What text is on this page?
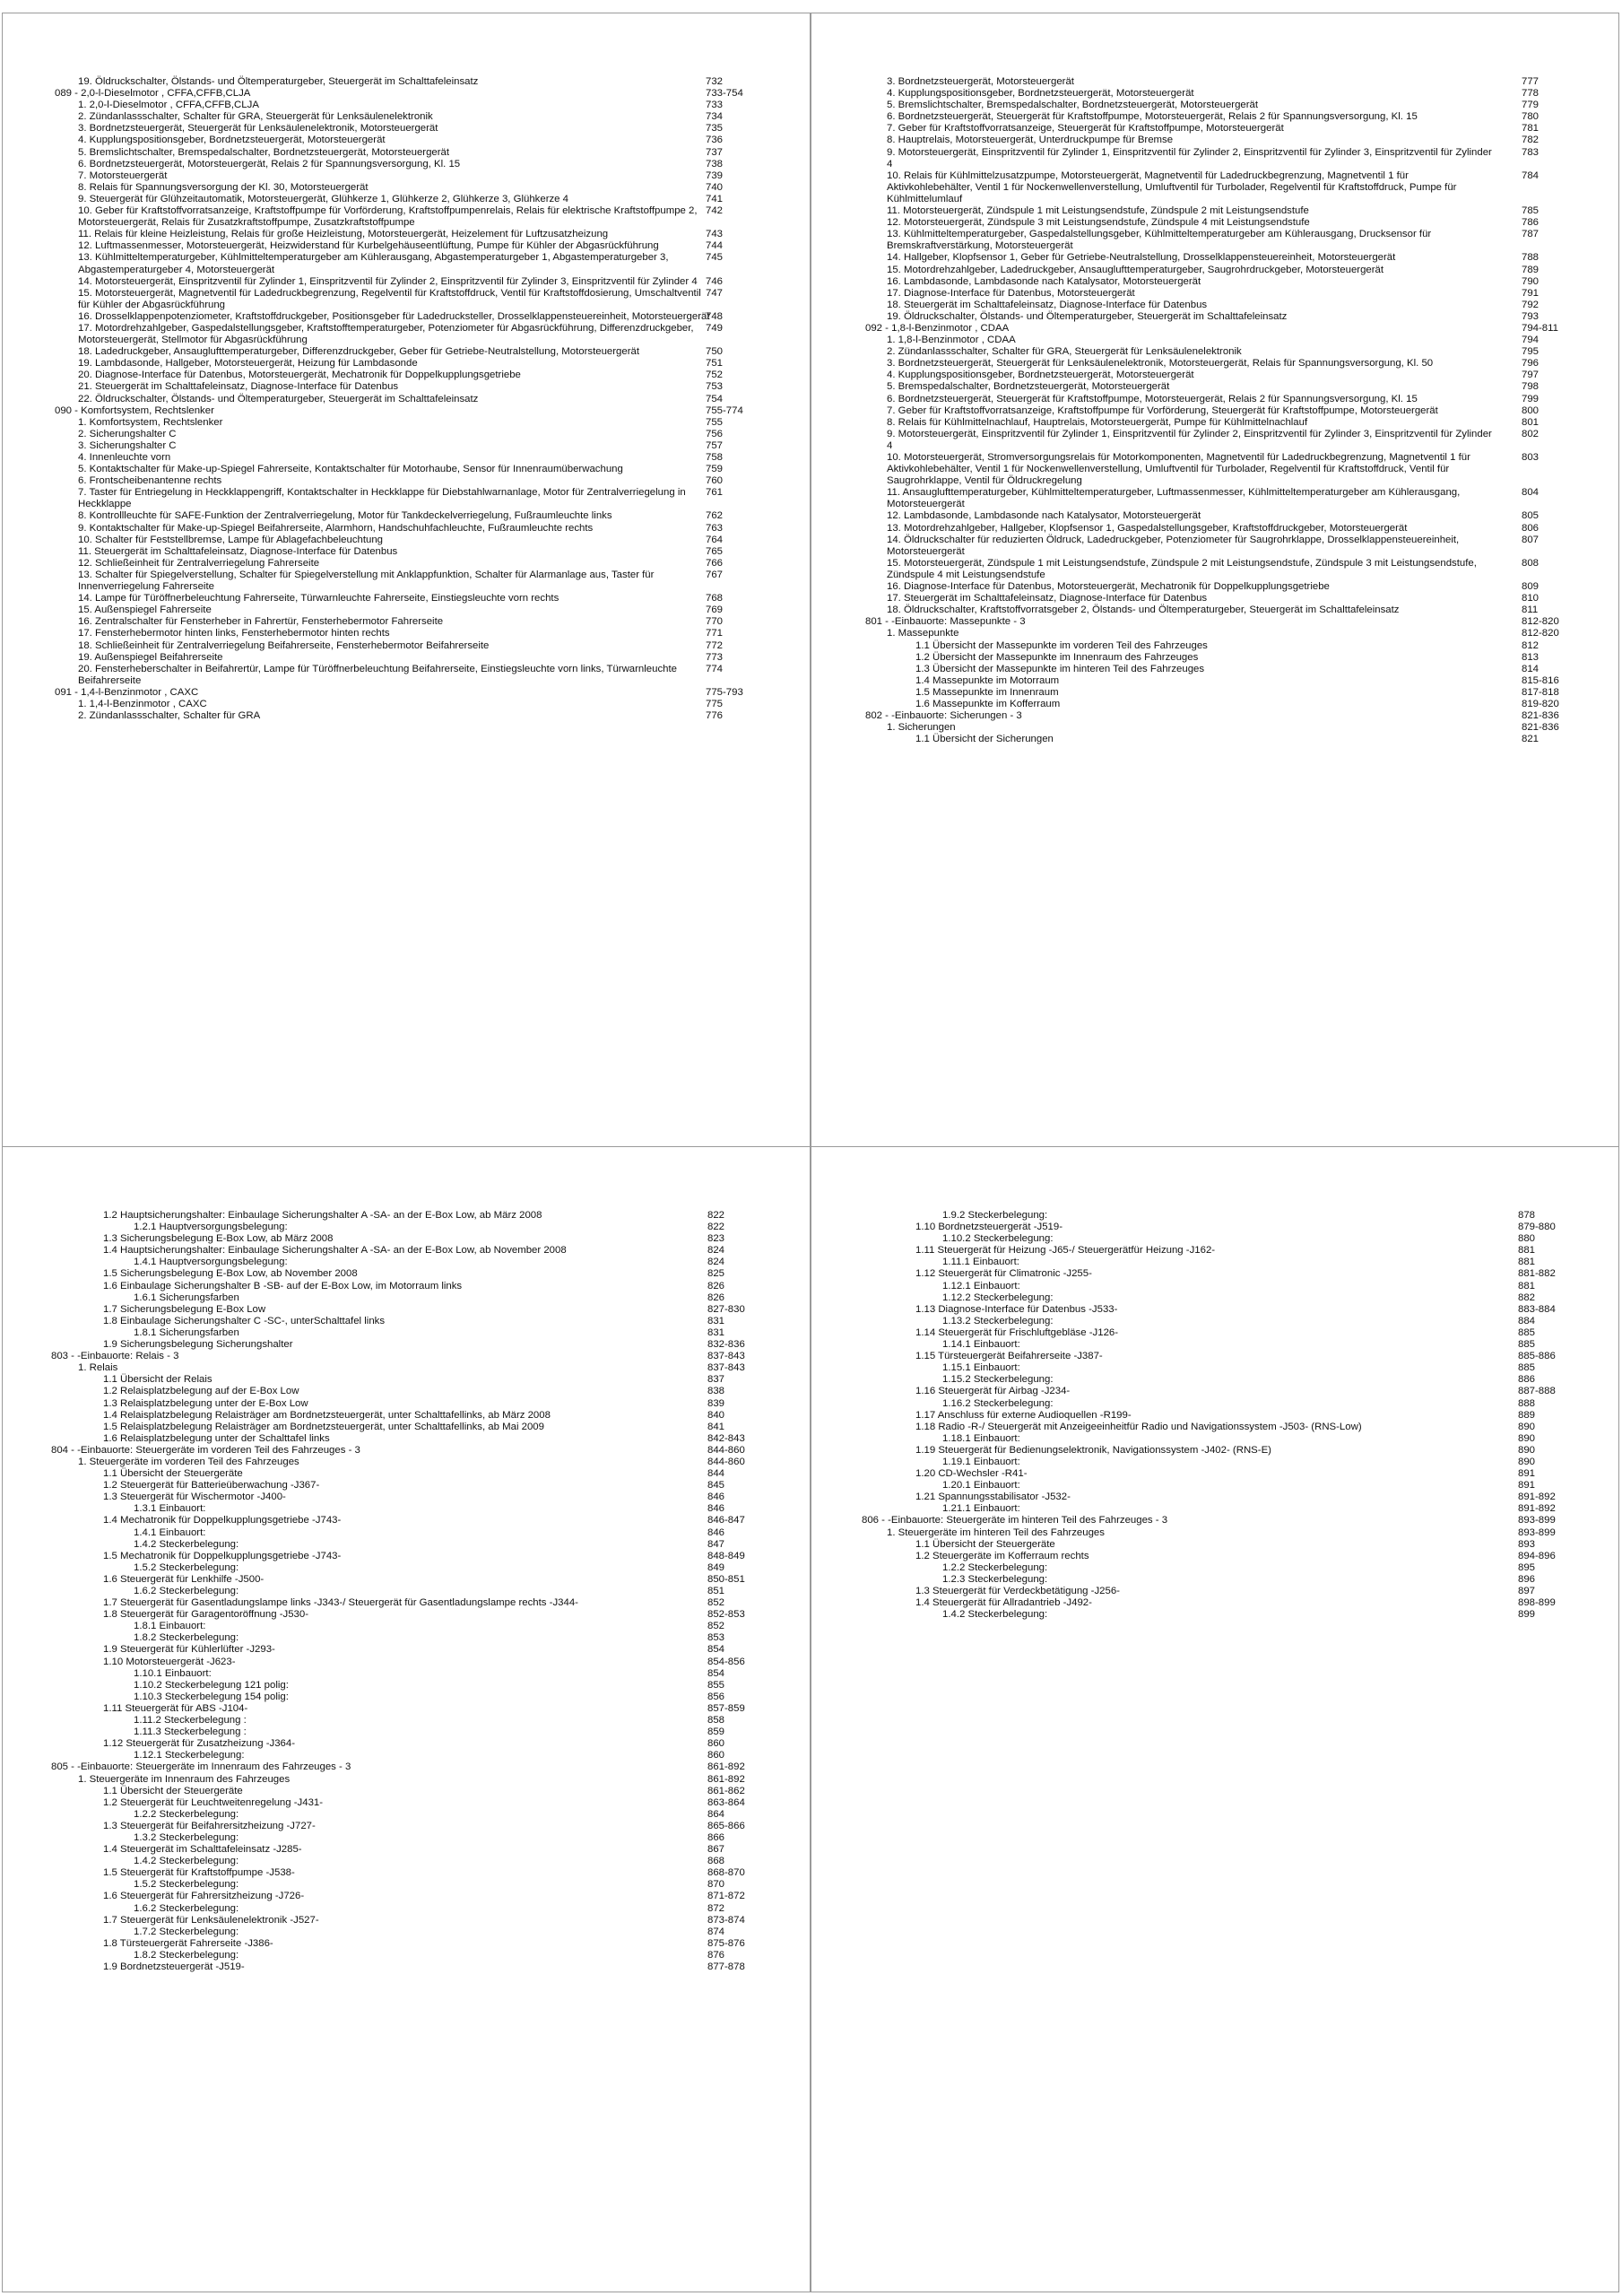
19. Öldruckschalter, Ölstands- und Öltemperaturgeber, Steuergerät im Schalttafeleinsatz	732
089 - 2,0-l-Dieselmotor , CFFA,CFFB,CLJA	733-754
1. 2,0-l-Dieselmotor , CFFA,CFFB,CLJA	733
2. Zündanlassschalter, Schalter für GRA, Steuergerät für Lenksäulenelektronik	734
3. Bordnetzsteuergerät, Steuergerät für Lenksäulenelektronik, Motorsteuergerät	735
4. Kupplungspositionsgeber, Bordnetzsteuergerät, Motorsteuergerät	736
5. Bremslichtschalter, Bremspedalschalter, Bordnetzsteuergerät, Motorsteuergerät	737
6. Bordnetzsteuergerät, Motorsteuergerät, Relais 2 für Spannungsversorgung, Kl. 15	738
7. Motorsteuergerät	739
8. Relais für Spannungsversorgung der Kl. 30, Motorsteuergerät	740
9. Steuergerät für Glühzeitautomatik, Motorsteuergerät, Glühkerze 1, Glühkerze 2, Glühkerze 3, Glühkerze 4	741
10. Geber für Kraftstoffvorratsanzeige, Kraftstoffpumpe für Vorförderung, Kraftstoffpumpenrelais, Relais für elektrische Kraftstoffpumpe 2, Motorsteuergerät, Relais für Zusatzkraftstoffpumpe, Zusatzkraftstoffpumpe
742
11. Relais für kleine Heizleistung, Relais für große Heizleistung, Motorsteuergerät, Heizelement für Luftzusatzheizung	743
12. Luftmassenmesser, Motorsteuergerät, Heizwiderstand für Kurbelgehäuseentlüftung, Pumpe für Kühler der Abgasrückführung	744
13. Kühlmitteltemperaturgeber, Kühlmitteltemperaturgeber am Kühlerausgang, Abgastemperaturgeber 1, Abgastemperaturgeber 3, Abgastemperaturgeber 4, Motorsteuergerät
745
14. Motorsteuergerät, Einspritzventil für Zylinder 1, Einspritzventil für Zylinder 2, Einspritzventil für Zylinder 3, Einspritzventil für Zylinder 4 746
15. Motorsteuergerät, Magnetventil für Ladedruckbegrenzung, Regelventil für Kraftstoffdruck, Ventil für Kraftstoffdosierung, Umschaltventil für Kühler der Abgasrückführung
747
16. Drosselklappenpotenziometer, Kraftstoffdruckgeber, Positionsgeber für Ladedrucksteller, Drosselklappensteuereinheit, Motorsteuergerät
748
17. Motordrehzahlgeber, Gaspedalstellungsgeber, Kraftstofftemperaturgeber, Potenziometer für Abgasrückführung, Differenzdruckgeber, Motorsteuergerät, Stellmotor für Abgasrückführung
749
18. Ladedruckgeber, Ansauglufttemperaturgeber, Differenzdruckgeber, Geber für Getriebe-Neutralstellung, Motorsteuergerät	750
19. Lambdasonde, Hallgeber, Motorsteuergerät, Heizung für Lambdasonde	751
20. Diagnose-Interface für Datenbus, Motorsteuergerät, Mechatronik für Doppelkupplungsgetriebe	752
21. Steuergerät im Schalttafeleinsatz, Diagnose-Interface für Datenbus	753
22. Öldruckschalter, Ölstands- und Öltemperaturgeber, Steuergerät im Schalttafeleinsatz	754
090 - Komfortsystem, Rechtslenker	755-774
1. Komfortsystem, Rechtslenker	755
2. Sicherungshalter C	756
3. Sicherungshalter C	757
4. Innenleuchte vorn	758
5. Kontaktschalter für Make-up-Spiegel Fahrerseite, Kontaktschalter für Motorhaube, Sensor für Innenraumüberwachung	759
6. Frontscheibenantenne rechts	760
7. Taster für Entriegelung in Heckklappengriff, Kontaktschalter in Heckklappe für Diebstahlwarnanlage, Motor für Zentralverriegelung in Heckklappe
761
8. Kontrollleuchte für SAFE-Funktion der Zentralverriegelung, Motor für Tankdeckelverriegelung, Fußraumleuchte links	762
9. Kontaktschalter für Make-up-Spiegel Beifahrerseite, Alarmhorn, Handschuhfachleuchte, Fußraumleuchte rechts	763
10. Schalter für Feststellbremse, Lampe für Ablagefachbeleuchtung	764
11. Steuergerät im Schalttafeleinsatz, Diagnose-Interface für Datenbus	765
12. Schließeinheit für Zentralverriegelung Fahrerseite	766
13. Schalter für Spiegelverstellung, Schalter für Spiegelverstellung mit Anklappfunktion, Schalter für Alarmanlage aus, Taster für Innenverriegelung Fahrerseite
767
14. Lampe für Türöffnerbeleuchtung Fahrerseite, Türwarnleuchte Fahrerseite, Einstiegsleuchte vorn rechts	768
15. Außenspiegel Fahrerseite	769
16. Zentralschalter für Fensterheber in Fahrertür, Fensterhebermotor Fahrerseite	770
17. Fensterhebermotor hinten links, Fensterhebermotor hinten rechts	771
18. Schließeinheit für Zentralverriegelung Beifahrerseite, Fensterhebermotor Beifahrerseite	772
19. Außenspiegel Beifahrerseite	773
20. Fensterheberschalter in Beifahrertür, Lampe für Türöffnerbeleuchtung Beifahrerseite, Einstiegsleuchte vorn links, Türwarnleuchte Beifahrerseite
774
091 - 1,4-l-Benzinmotor , CAXC	775-793
1. 1,4-l-Benzinmotor , CAXC	775
2. Zündanlassschalter, Schalter für GRA	776
3. Bordnetzsteuergerät, Motorsteuergerät	777
4. Kupplungspositionsgeber, Bordnetzsteuergerät, Motorsteuergerät	778
5. Bremslichtschalter, Bremspedalschalter, Bordnetzsteuergerät, Motorsteuergerät	779
6. Bordnetzsteuergerät, Steuergerät für Kraftstoffpumpe, Motorsteuergerät, Relais 2 für Spannungsversorgung, Kl. 15	780
7. Geber für Kraftstoffvorratsanzeige, Steuergerät für Kraftstoffpumpe, Motorsteuergerät	781
8. Hauptrelais, Motorsteuergerät, Unterdruckpumpe für Bremse	782
9. Motorsteuergerät, Einspritzventil für Zylinder 1, Einspritzventil für Zylinder 2, Einspritzventil für Zylinder 3, Einspritzventil für Zylinder 4
783
10. Relais für Kühlmittelzusatzpumpe, Motorsteuergerät, Magnetventil für Ladedruckbegrenzung, Magnetventil 1 für Aktivkohlebehälter, Ventil 1 für Nockenwellenverstellung, Umluftventil für Turbolader, Regelventil für Kraftstoffdruck, Pumpe für Kühlmittelumlauf
784
11. Motorsteuergerät, Zündspule 1 mit Leistungsendstufe, Zündspule 2 mit Leistungsendstufe	785
12. Motorsteuergerät, Zündspule 3 mit Leistungsendstufe, Zündspule 4 mit Leistungsendstufe	786
13. Kühlmitteltemperaturgeber, Gaspedalstellungsgeber, Kühlmitteltemperaturgeber am Kühlerausgang, Drucksensor für Bremskraftverstärkung, Motorsteuergerät
787
14. Hallgeber, Klopfsensor 1, Geber für Getriebe-Neutralstellung, Drosselklappensteuereinheit, Motorsteuergerät	788
15. Motordrehzahlgeber, Ladedruckgeber, Ansauglufttemperaturgeber, Saugrohrdruckgeber, Motorsteuergerät	789
16. Lambdasonde, Lambdasonde nach Katalysator, Motorsteuergerät	790
17. Diagnose-Interface für Datenbus, Motorsteuergerät	791
18. Steuergerät im Schalttafeleinsatz, Diagnose-Interface für Datenbus	792
19. Öldruckschalter, Ölstands- und Öltemperaturgeber, Steuergerät im Schalttafeleinsatz	793
092 - 1,8-l-Benzinmotor , CDAA	794-811
1. 1,8-l-Benzinmotor , CDAA	794
2. Zündanlassschalter, Schalter für GRA, Steuergerät für Lenksäulenelektronik	795
3. Bordnetzsteuergerät, Steuergerät für Lenksäulenelektronik, Motorsteuergerät, Relais für Spannungsversorgung, Kl. 50	796
4. Kupplungspositionsgeber, Bordnetzsteuergerät, Motorsteuergerät	797
5. Bremspedalschalter, Bordnetzsteuergerät, Motorsteuergerät	798
6. Bordnetzsteuergerät, Steuergerät für Kraftstoffpumpe, Motorsteuergerät, Relais 2 für Spannungsversorgung, Kl. 15	799
7. Geber für Kraftstoffvorratsanzeige, Kraftstoffpumpe für Vorförderung, Steuergerät für Kraftstoffpumpe, Motorsteuergerät	800
8. Relais für Kühlmittelnachlauf, Hauptrelais, Motorsteuergerät, Pumpe für Kühlmittelnachlauf	801
9. Motorsteuergerät, Einspritzventil für Zylinder 1, Einspritzventil für Zylinder 2, Einspritzventil für Zylinder 3, Einspritzventil für Zylinder 4
802
10. Motorsteuergerät, Stromversorgungsrelais für Motorkomponenten, Magnetventil für Ladedruckbegrenzung, Magnetventil 1 für Aktivkohlebehälter, Ventil 1 für Nockenwellenverstellung, Umluftventil für Turbolader, Regelventil für Kraftstoffdruck, Ventil für Saugrohrklappe, Ventil für Öldruckregelung
803
11. Ansauglufttemperaturgeber, Kühlmitteltemperaturgeber, Luftmassenmesser, Kühlmitteltemperaturgeber am Kühlerausgang, Motorsteuergerät
804
12. Lambdasonde, Lambdasonde nach Katalysator, Motorsteuergerät	805
13. Motordrehzahlgeber, Hallgeber, Klopfsensor 1, Gaspedalstellungsgeber, Kraftstoffdruckgeber, Motorsteuergerät	806
14. Öldruckschalter für reduzierten Öldruck, Ladedruckgeber, Potenziometer für Saugrohrklappe, Drosselklappensteuereinheit, Motorsteuergerät
807
15. Motorsteuergerät, Zündspule 1 mit Leistungsendstufe, Zündspule 2 mit Leistungsendstufe, Zündspule 3 mit Leistungsendstufe, Zündspule 4 mit Leistungsendstufe
808
16. Diagnose-Interface für Datenbus, Motorsteuergerät, Mechatronik für Doppelkupplungsgetriebe	809
17. Steuergerät im Schalttafeleinsatz, Diagnose-Interface für Datenbus	810
18. Öldruckschalter, Kraftstoffvorratsgeber 2, Ölstands- und Öltemperaturgeber, Steuergerät im Schalttafeleinsatz	811
801 - -Einbauorte: Massepunkte - 3	812-820
1. Massepunkte	812-820
1.1 Übersicht der Massepunkte im vorderen Teil des Fahrzeuges	812
1.2 Übersicht der Massepunkte im Innenraum des Fahrzeuges	813
1.3 Übersicht der Massepunkte im hinteren Teil des Fahrzeuges	814
1.4 Massepunkte im Motorraum	815-816
1.5 Massepunkte im Innenraum	817-818
1.6 Massepunkte im Kofferraum	819-820
802 - -Einbauorte: Sicherungen - 3	821-836
1. Sicherungen	821-836
1.1 Übersicht der Sicherungen	821
1.2 Hauptsicherungshalter: Einbaulage Sicherungshalter A -SA- an der E-Box Low, ab März 2008	822
1.2.1 Hauptversorgungsbelegung:	822
1.3 Sicherungsbelegung E-Box Low, ab März 2008	823
1.4 Hauptsicherungshalter: Einbaulage Sicherungshalter A -SA- an der E-Box Low, ab November 2008	824
1.4.1 Hauptversorgungsbelegung:	824
1.5 Sicherungsbelegung E-Box Low, ab November 2008	825
1.6 Einbaulage Sicherungshalter B -SB- auf der E-Box Low, im Motorraum links	826
1.6.1 Sicherungsfarben	826
1.7 Sicherungsbelegung E-Box Low	827-830
1.8 Einbaulage Sicherungshalter C -SC-, unterSchalttafel links	831
1.8.1 Sicherungsfarben	831
1.9 Sicherungsbelegung Sicherungshalter	832-836
803 - -Einbauorte: Relais - 3	837-843
1. Relais	837-843
1.1 Übersicht der Relais	837
1.2 Relaisplatzbelegung auf der E-Box Low	838
1.3 Relaisplatzbelegung unter der E-Box Low	839
1.4 Relaisplatzbelegung Relaisträger am Bordnetzsteuergerät, unter Schalttafellinks, ab März 2008	840
1.5 Relaisplatzbelegung Relaisträger am Bordnetzsteuergerät, unter Schalttafellinks, ab Mai 2009	841
1.6 Relaisplatzbelegung unter der Schalttafel links	842-843
804 - -Einbauorte: Steuergeräte im vorderen Teil des Fahrzeuges - 3	844-860
1. Steuergeräte im vorderen Teil des Fahrzeuges	844-860
1.1 Übersicht der Steuergeräte	844
1.2 Steuergerät für Batterieüberwachung -J367-	845
1.3 Steuergerät für Wischermotor -J400-	846
1.3.1 Einbauort:	846
1.4 Mechatronik für Doppelkupplungsgetriebe -J743-	846-847
1.4.1 Einbauort:	846
1.4.2 Steckerbelegung:	847
1.5 Mechatronik für Doppelkupplungsgetriebe -J743-	848-849
1.5.2 Steckerbelegung:	849
1.6 Steuergerät für Lenkhilfe -J500-	850-851
1.6.2 Steckerbelegung:	851
1.7 Steuergerät für Gasentladungslampe links -J343-/ Steuergerät für Gasentladungslampe rechts -J344-	852
1.8 Steuergerät für Garagentoröffnung -J530-	852-853
1.8.1 Einbauort:	852
1.8.2 Steckerbelegung:	853
1.9 Steuergerät für Kühlerlüfter -J293-	854
1.10 Motorsteuergerät -J623-	854-856
1.10.1 Einbauort:	854
1.10.2 Steckerbelegung 121 polig:	855
1.10.3 Steckerbelegung 154 polig:	856
1.11 Steuergerät für ABS -J104-	857-859
1.11.2 Steckerbelegung :	858
1.11.3 Steckerbelegung :	859
1.12 Steuergerät für Zusatzheizung -J364-	860
1.12.1 Steckerbelegung:	860
805 - -Einbauorte: Steuergeräte im Innenraum des Fahrzeuges - 3	861-892
1. Steuergeräte im Innenraum des Fahrzeuges	861-892
1.1 Übersicht der Steuergeräte	861-862
1.2 Steuergerät für Leuchtweitenregelung -J431-	863-864
1.2.2 Steckerbelegung:	864
1.3 Steuergerät für Beifahrersitzheizung -J727-	865-866
1.3.2 Steckerbelegung:	866
1.4 Steuergerät im Schalttafeleinsatz -J285-	867
1.4.2 Steckerbelegung:	868
1.5 Steuergerät für Kraftstoffpumpe -J538-	868-870
1.5.2 Steckerbelegung:	870
1.6 Steuergerät für Fahrersitzheizung -J726-	871-872
1.6.2 Steckerbelegung:	872
1.7 Steuergerät für Lenksäulenelektronik -J527-	873-874
1.7.2 Steckerbelegung:	874
1.8 Türsteuergerät Fahrerseite -J386-	875-876
1.8.2 Steckerbelegung:	876
1.9 Bordnetzsteuergerät -J519-	877-878
1.9.2 Steckerbelegung:	878
1.10 Bordnetzsteuergerät -J519-	879-880
1.10.2 Steckerbelegung:	880
1.11 Steuergerät für Heizung -J65-/ Steuergerätfür Heizung -J162-	881
1.11.1 Einbauort:	881
1.12 Steuergerät für Climatronic -J255-	881-882
1.12.1 Einbauort:	881
1.12.2 Steckerbelegung:	882
1.13 Diagnose-Interface für Datenbus -J533-	883-884
1.13.2 Steckerbelegung:	884
1.14 Steuergerät für Frischluftgebläse -J126-	885
1.14.1 Einbauort:	885
1.15 Türsteuergerät Beifahrerseite -J387-	885-886
1.15.1 Einbauort:	885
1.15.2 Steckerbelegung:	886
1.16 Steuergerät für Airbag -J234-	887-888
1.16.2 Steckerbelegung:	888
1.17 Anschluss für externe Audioquellen -R199-	889
1.18 Radio -R-/ Steuergerät mit Anzeigeeinheitfür Radio und Navigationssystem -J503- (RNS-Low)	890
1.18.1 Einbauort:	890
1.19 Steuergerät für Bedienungselektronik, Navigationssystem -J402- (RNS-E)	890
1.19.1 Einbauort:	890
1.20 CD-Wechsler -R41-	891
1.20.1 Einbauort:	891
1.21 Spannungsstabilisator -J532-	891-892
1.21.1 Einbauort:	891-892
806 - -Einbauorte: Steuergeräte im hinteren Teil des Fahrzeuges - 3	893-899
1. Steuergeräte im hinteren Teil des Fahrzeuges	893-899
1.1 Übersicht der Steuergeräte	893
1.2 Steuergeräte im Kofferraum rechts	894-896
1.2.2 Steckerbelegung:	895
1.2.3 Steckerbelegung:	896
1.3 Steuergerät für Verdeckbetätigung -J256-	897
1.4 Steuergerät für Allradantrieb -J492-	898-899
1.4.2 Steckerbelegung:	899
